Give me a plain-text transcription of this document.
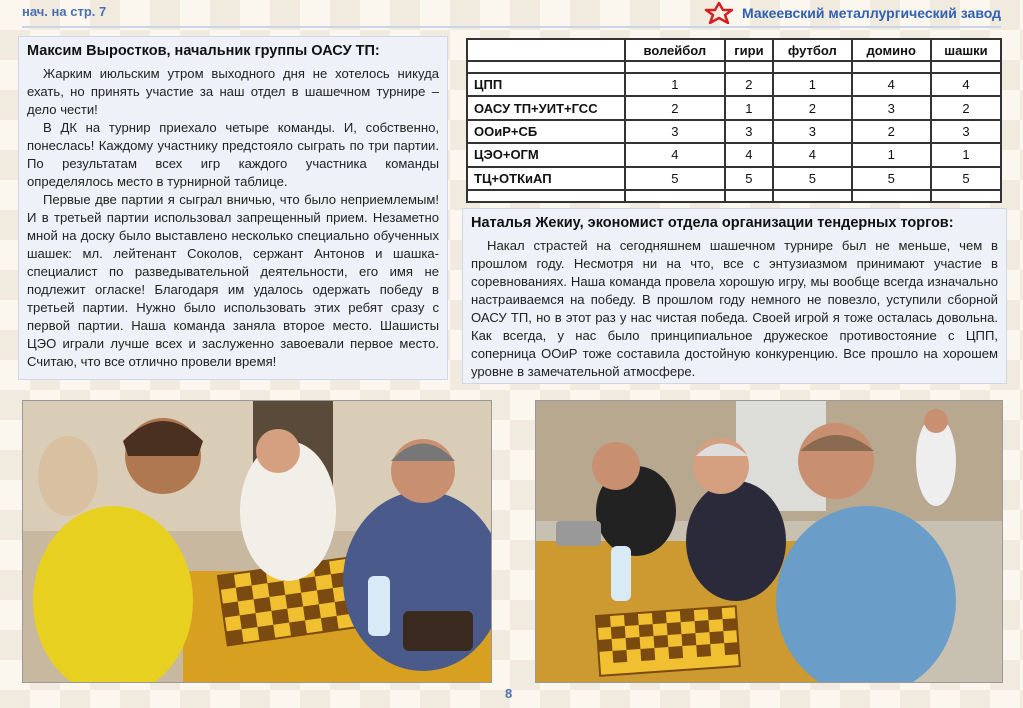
нач. на стр. 7	Макеевский металлургический завод
Максим Выростков, начальник группы ОАСУ ТП:

Жарким июльским утром выходного дня не хотелось никуда ехать, но принять участие за наш отдел в шашечном турнире – дело чести!

В ДК на турнир приехало четыре команды. И, собственно, понеслась! Каждому участнику предстояло сыграть по три партии. По результатам всех игр каждого участника команды определялось место в турнирной таблице.

Первые две партии я сыграл вничью, что было неприемлемым! И в третьей партии использовал запрещенный прием. Незаметно мной на доску было выставлено несколько специально обученных шашек: мл. лейтенант Соколов, сержант Антонов и шашка-специалист по разведывательной деятельности, его имя не подлежит огласке! Благодаря им удалось одержать победу в третьей партии. Нужно было использовать этих ребят сразу с первой партии. Наша команда заняла второе место. Шашисты ЦЭО играли лучше всех и заслуженно завоевали первое место. Считаю, что все отлично провели время!

	волейбол	гири	футбол	домино	шашки

ЦПП	1	2	1	4	4
ОАСУ ТП+УИТ+ГСС	2	1	2	3	2
ООиР+СБ	3	3	3	2	3
ЦЭО+ОГМ	4	4	4	1	1
ТЦ+ОТКиАП	5	5	5	5	5

Наталья Жекиу, экономист отдела организации тендерных торгов:

Накал страстей на сегодняшнем шашечном турнире был не меньше, чем в прошлом году. Несмотря ни на что, все с энтузиазмом принимают участие в соревнованиях. Наша команда провела хорошую игру, мы вообще всегда изначально настраиваемся на победу. В прошлом году немного не повезло, уступили сборной ОАСУ ТП, но в этот раз у нас чистая победа. Своей игрой я тоже осталась довольна. Как всегда, у нас было принципиальное дружеское противостояние с ЦПП, соперница ООиР тоже составила достойную конкуренцию. Все прошло на хорошем уровне в замечательной атмосфере.

8
